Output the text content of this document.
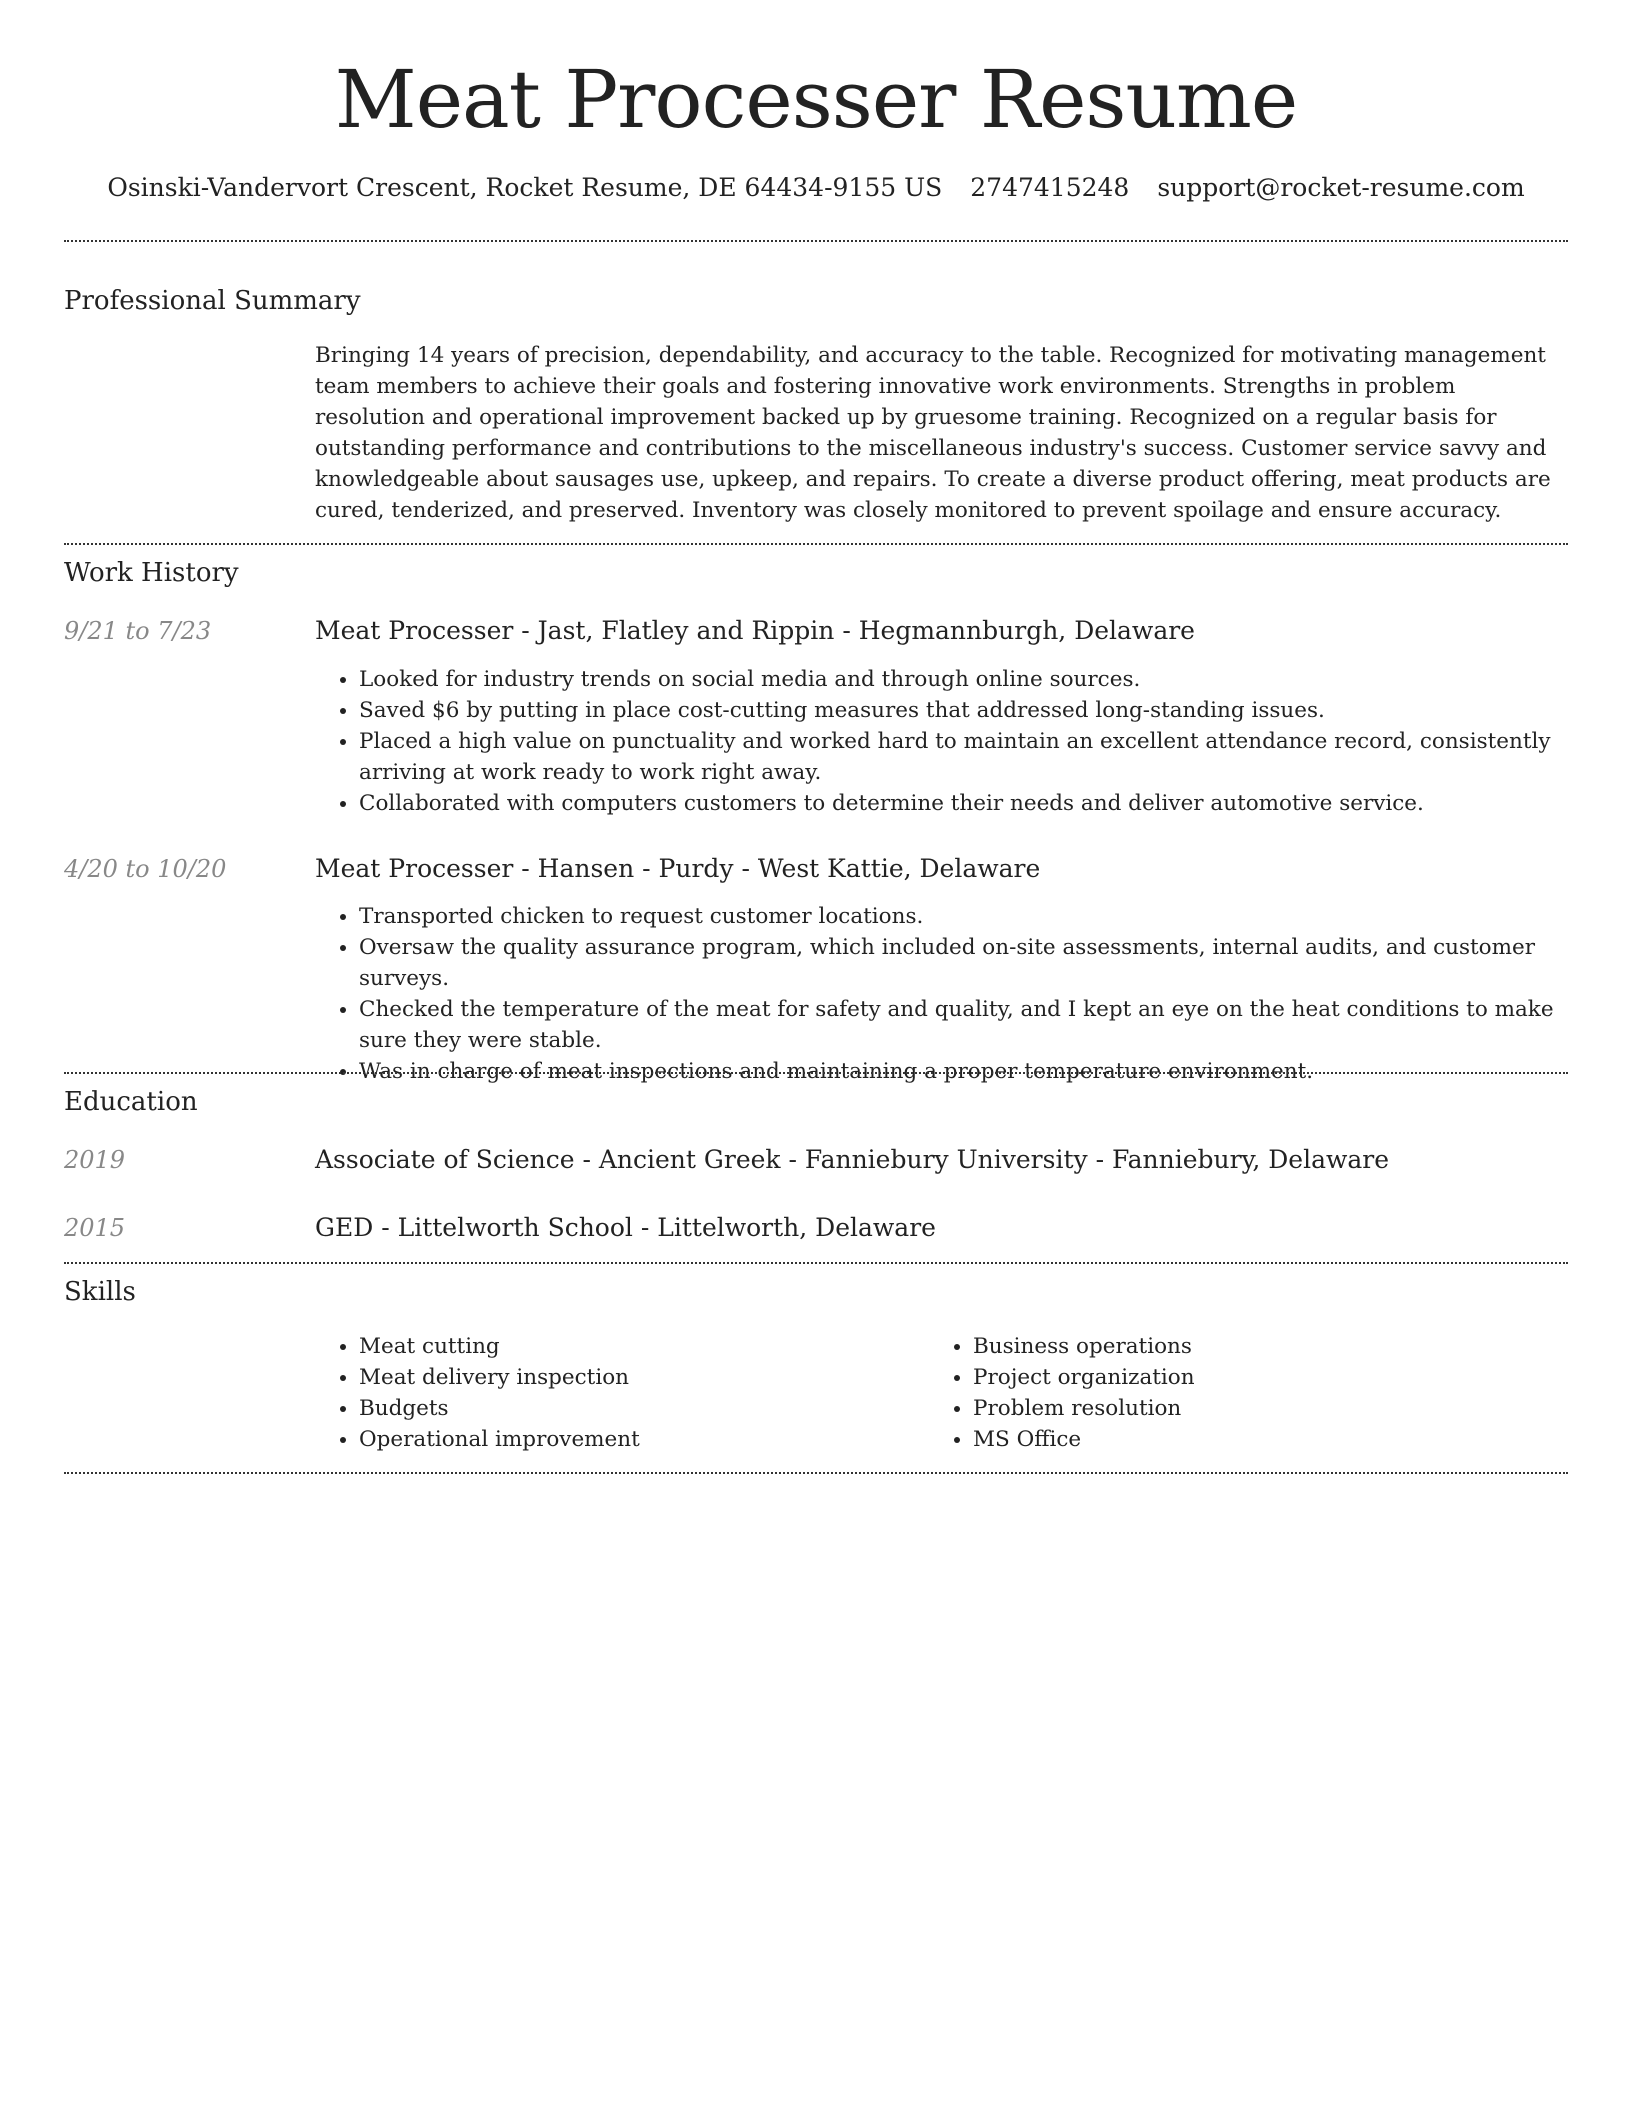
Meat Processer Resume
Osinski-Vandervort Crescent, Rocket Resume, DE 64434-9155 US 2747415248 support@rocket-resume.com
Professional Summary

Bringing 14 years of precision, dependability, and accuracy to the table. Recognized for motivating management team members to achieve their goals and fostering innovative work environments. Strengths in problem resolution and operational improvement backed up by gruesome training. Recognized on a regular basis for outstanding performance and contributions to the miscellaneous industry's success. Customer service savvy and knowledgeable about sausages use, upkeep, and repairs. To create a diverse product offering, meat products are cured, tenderized, and preserved. Inventory was closely monitored to prevent spoilage and ensure accuracy.

Work History
9/21 to 7/23	Meat Processer - Jast, Flatley and Rippin - Hegmannburgh, Delaware
• Looked for industry trends on social media and through online sources.
• Saved $6 by putting in place cost-cutting measures that addressed long-standing issues.
• Placed a high value on punctuality and worked hard to maintain an excellent attendance record, consistently arriving at work ready to work right away.
• Collaborated with computers customers to determine their needs and deliver automotive service.
4/20 to 10/20	Meat Processer - Hansen - Purdy - West Kattie, Delaware
• Transported chicken to request customer locations.
• Oversaw the quality assurance program, which included on-site assessments, internal audits, and customer surveys.
• Checked the temperature of the meat for safety and quality, and I kept an eye on the heat conditions to make sure they were stable.
• Was in charge of meat inspections and maintaining a proper temperature environment.
Education
2019	Associate of Science - Ancient Greek - Fanniebury University - Fanniebury, Delaware
2015	GED - Littelworth School - Littelworth, Delaware
Skills
• Meat cutting
• Meat delivery inspection
• Budgets
• Operational improvement
• Business operations
• Project organization
• Problem resolution
• MS Office
